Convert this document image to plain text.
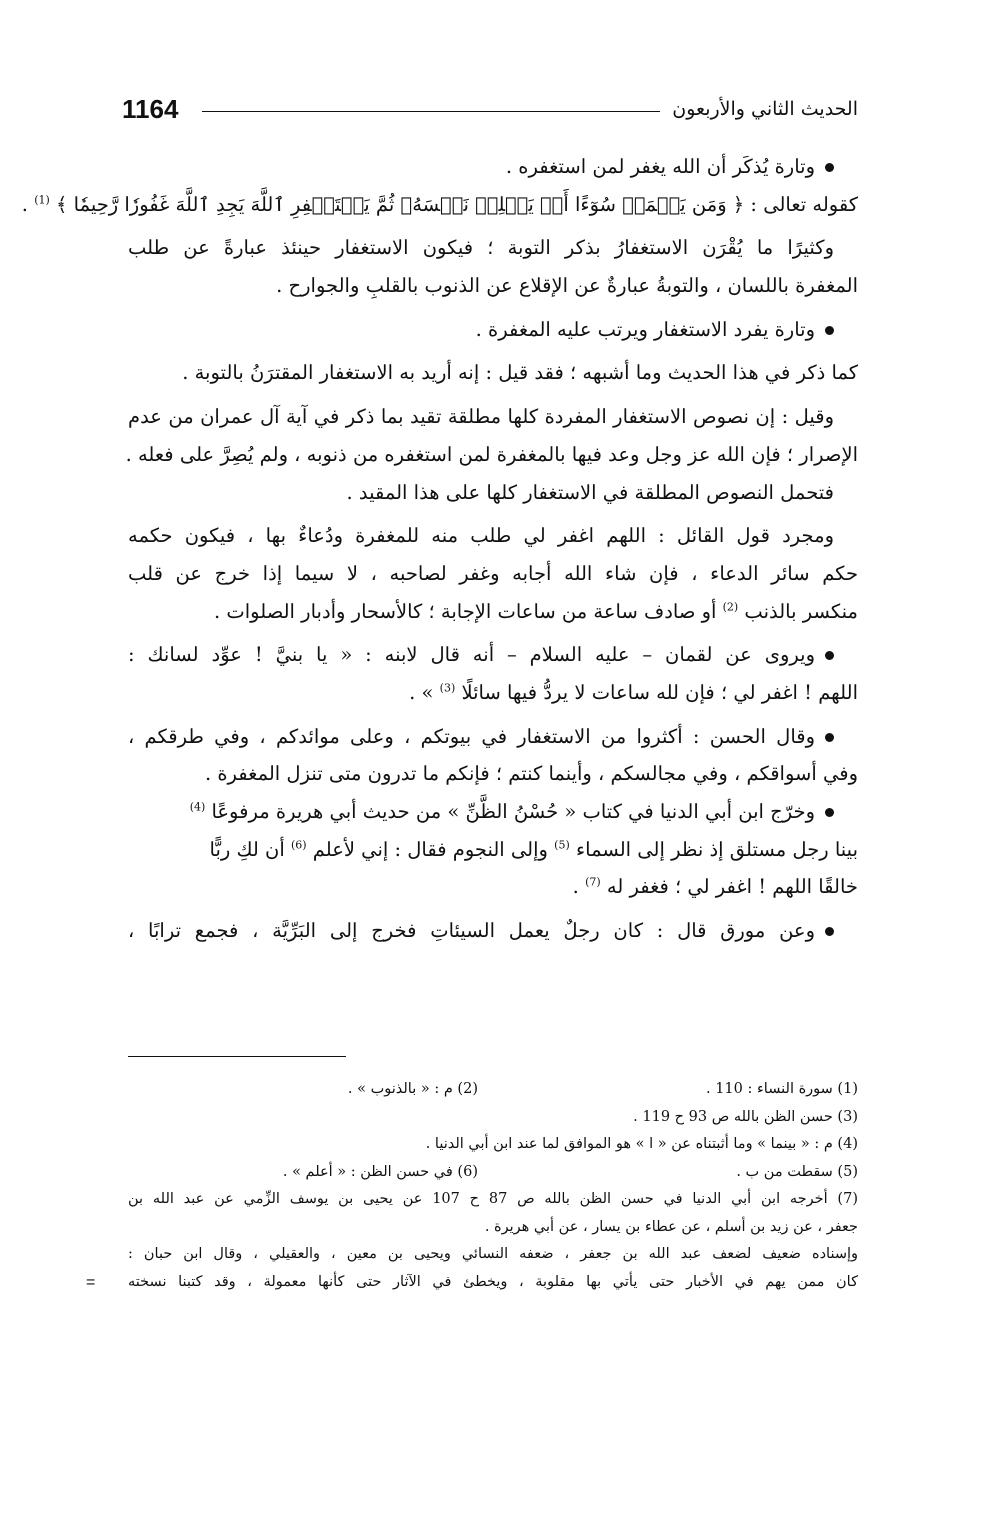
1164	الحديث الثاني والأربعون
وتارة يُذكَر أن الله يغفر لمن استغفره .
كقوله تعالى : ﴿ وَمَن يَعۡمَلۡ سُوٓءًا أَوۡ يَظۡلِمۡ نَفۡسَهُۥ ثُمَّ يَسۡتَغۡفِرِ ٱللَّهَ يَجِدِ ٱللَّهَ غَفُورٗا رَّحِيمٗا ﴾ $^{(1)}$ .
وكثيرًا ما يُقْرَن الاستغفارُ بذكر التوبة ؛ فيكون الاستغفار حينئذ عبارةً عن طلب
المغفرة باللسان ، والتوبةُ عبارةٌ عن الإقلاع عن الذنوب بالقلبِ والجوارح .
وتارة يفرد الاستغفار ويرتب عليه المغفرة .
كما ذكر في هذا الحديث وما أشبهه ؛ فقد قيل : إنه أريد به الاستغفار المقترَنُ بالتوبة .
وقيل : إن نصوص الاستغفار المفردة كلها مطلقة تقيد بما ذكر في آية آل عمران من عدم
الإصرار ؛ فإن الله عز وجل وعد فيها بالمغفرة لمن استغفره من ذنوبه ، ولم يُصِرَّ على فعله .
فتحمل النصوص المطلقة في الاستغفار كلها على هذا المقيد .
ومجرد قول القائل : اللهم اغفر لي طلب منه للمغفرة ودُعاءٌ بها ، فيكون حكمه
حكم سائر الدعاء ، فإن شاء الله أجابه وغفر لصاحبه ، لا سيما إذا خرج عن قلب
منكسر بالذنب $^{(2)}$ أو صادف ساعة من ساعات الإجابة ؛ كالأسحار وأدبار الصلوات .
ويروى عن لقمان – عليه السلام – أنه قال لابنه : « يا بنيَّ ! عوِّد لسانك :
اللهم ! اغفر لي ؛ فإن لله ساعات لا يردُّ فيها سائلًا $^{(3)}$ » .
وقال الحسن : أكثروا من الاستغفار في بيوتكم ، وعلى موائدكم ، وفي طرقكم ،
وفي أسواقكم ، وفي مجالسكم ، وأينما كنتم ؛ فإنكم ما تدرون متى تنزل المغفرة .
وخرّج ابن أبي الدنيا في كتاب « حُسْنُ الظَّنِّ » من حديث أبي هريرة مرفوعًا $^{(4)}$
بينا رجل مستلق إذ نظر إلى السماء $^{(5)}$ وإلى النجوم فقال : إني لأعلم $^{(6)}$ أن لكِ ربًّا
خالقًا اللهم ! اغفر لي ؛ فغفر له $^{(7)}$ .
وعن مورق قال : كان رجلٌ يعمل السيئاتِ فخرج إلى البَرِّيَّة ، فجمع ترابًا ،
(1) سورة النساء : 110 .
(2) م : « بالذنوب » .
(3) حسن الظن بالله ص 93 ح 119 .
(4) م : « بينما » وما أثبتناه عن « ا » هو الموافق لما عند ابن أبي الدنيا .
(5) سقطت من ب .
(6) في حسن الظن : « أعلم » .
(7) أخرجه ابن أبي الدنيا في حسن الظن بالله ص 87 ح 107 عن يحيى بن يوسف الزِّمي عن عبد الله بن
جعفر ، عن زيد بن أسلم ، عن عطاء بن يسار ، عن أبي هريرة .
وإسناده ضعيف لضعف عبد الله بن جعفر ، ضعفه النسائي ويحيى بن معين ، والعقيلي ، وقال ابن حبان :
كان ممن يهم في الأخبار حتى يأتي بها مقلوبة ، ويخطئ في الآثار حتى كأنها معمولة ، وقد كتبنا نسخته
=
